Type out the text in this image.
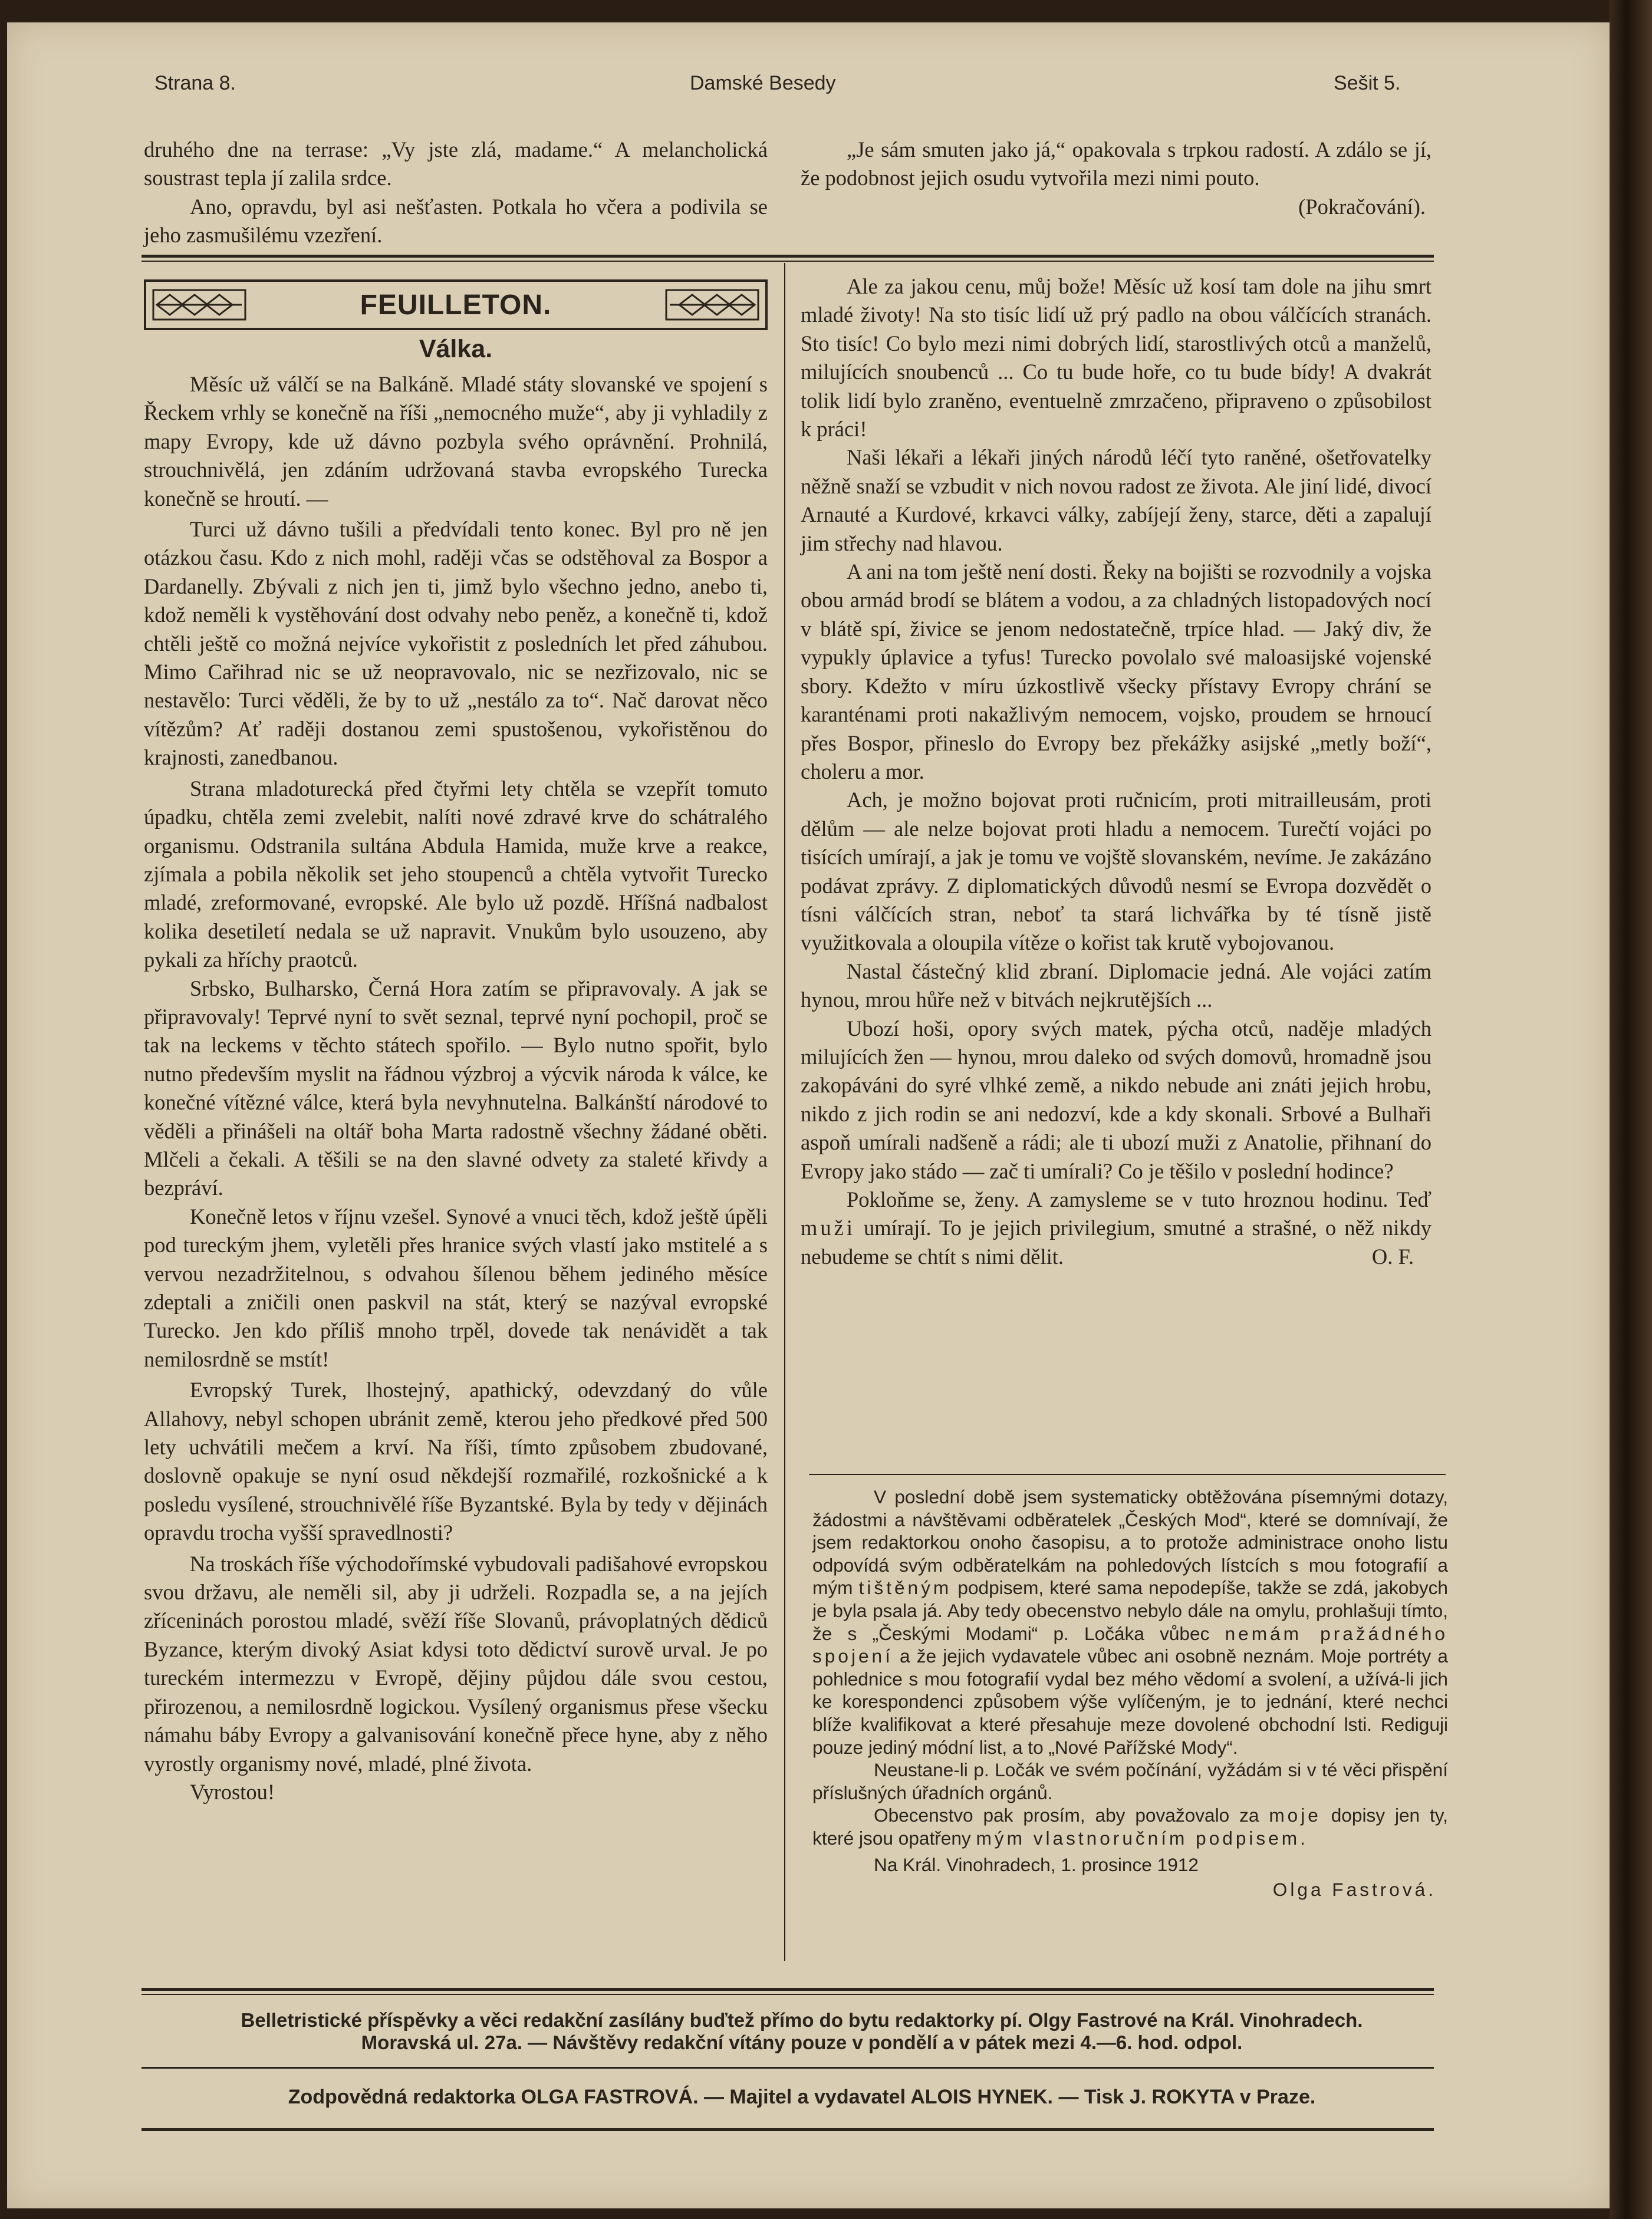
Strana 8.	Damské Besedy	Sešit 5.

druhého dne na terrase: „Vy jste zlá, madame.“ A melancholická soustrast tepla jí zalila srdce.

Ano, opravdu, byl asi nešťasten. Potkala ho včera a podivila se jeho zasmušilému vzezření.

„Je sám smuten jako já,“ opakovala s trpkou radostí. A zdálo se jí, že podobnost jejich osudu vytvořila mezi nimi pouto.

(Pokračování).
FEUILLETON.
Válka.

Měsíc už válčí se na Balkáně. Mladé státy slovanské ve spojení s Řeckem vrhly se konečně na říši „nemocného muže“, aby ji vyhladily z mapy Evropy, kde už dávno pozbyla svého oprávnění. Prohnilá, strouchnivělá, jen zdáním udržovaná stavba evropského Turecka konečně se hroutí. —

Turci už dávno tušili a předvídali tento konec. Byl pro ně jen otázkou času. Kdo z nich mohl, raději včas se odstěhoval za Bospor a Dardanelly. Zbývali z nich jen ti, jimž bylo všechno jedno, anebo ti, kdož neměli k vystěhování dost odvahy nebo peněz, a konečně ti, kdož chtěli ještě co možná nejvíce vykořistit z posledních let před záhubou. Mimo Cařihrad nic se už neopravovalo, nic se nezřizovalo, nic se nestavělo: Turci věděli, že by to už „nestálo za to“. Nač darovat něco vítězům? Ať raději dostanou zemi spustošenou, vykořistěnou do krajnosti, zanedbanou.

Strana mladoturecká před čtyřmi lety chtěla se vzepřít tomuto úpadku, chtěla zemi zvelebit, nalíti nové zdravé krve do schátralého organismu. Odstranila sultána Abdula Hamida, muže krve a reakce, zjímala a pobila několik set jeho stoupenců a chtěla vytvořit Turecko mladé, zreformované, evropské. Ale bylo už pozdě. Hříšná nadbalost kolika desetiletí nedala se už napravit. Vnukům bylo usouzeno, aby pykali za hříchy praotců.

Srbsko, Bulharsko, Černá Hora zatím se připravovaly. A jak se připravovaly! Teprvé nyní to svět seznal, teprvé nyní pochopil, proč se tak na leckems v těchto státech spořilo. — Bylo nutno spořit, bylo nutno především myslit na řádnou výzbroj a výcvik národa k válce, ke konečné vítězné válce, která byla nevyhnutelna. Balkánští národové to věděli a přinášeli na oltář boha Marta radostně všechny žádané oběti. Mlčeli a čekali. A těšili se na den slavné odvety za staleté křivdy a bezpráví.

Konečně letos v říjnu vzešel. Synové a vnuci těch, kdož ještě úpěli pod tureckým jhem, vyletěli přes hranice svých vlastí jako mstitelé a s vervou nezadržitelnou, s odvahou šílenou během jediného měsíce zdeptali a zničili onen paskvil na stát, který se nazýval evropské Turecko. Jen kdo příliš mnoho trpěl, dovede tak nenávidět a tak nemilosrdně se mstít!

Evropský Turek, lhostejný, apathický, odevzdaný do vůle Allahovy, nebyl schopen ubránit země, kterou jeho předkové před 500 lety uchvátili mečem a krví. Na říši, tímto způsobem zbudované, doslovně opakuje se nyní osud někdejší rozmařilé, rozkošnické a k posledu vysílené, strouchnivělé říše Byzantské. Byla by tedy v dějinách opravdu trocha vyšší spravedlnosti?

Na troskách říše východořímské vybudovali padišahové evropskou svou državu, ale neměli sil, aby ji udrželi. Rozpadla se, a na jejích zříceninách porostou mladé, svěží říše Slovanů, právoplatných dědiců Byzance, kterým divoký Asiat kdysi toto dědictví surově urval. Je po tureckém intermezzu v Evropě, dějiny půjdou dále svou cestou, přirozenou, a nemilosrdně logickou. Vysílený organismus přese všecku námahu báby Evropy a galvanisování konečně přece hyne, aby z něho vyrostly organismy nové, mladé, plné života.

Vyrostou!

Ale za jakou cenu, můj bože! Měsíc už kosí tam dole na jihu smrt mladé životy! Na sto tisíc lidí už prý padlo na obou válčících stranách. Sto tisíc! Co bylo mezi nimi dobrých lidí, starostlivých otců a manželů, milujících snoubenců ... Co tu bude hoře, co tu bude bídy! A dvakrát tolik lidí bylo zraněno, eventuelně zmrzačeno, připraveno o způsobilost k práci!

Naši lékaři a lékaři jiných národů léčí tyto raněné, ošetřovatelky něžně snaží se vzbudit v nich novou radost ze života. Ale jiní lidé, divocí Arnauté a Kurdové, krkavci války, zabíjejí ženy, starce, děti a zapalují jim střechy nad hlavou.

A ani na tom ještě není dosti. Řeky na bojišti se rozvodnily a vojska obou armád brodí se blátem a vodou, a za chladných listopadových nocí v blátě spí, živice se jenom nedostatečně, trpíce hlad. — Jaký div, že vypukly úplavice a tyfus! Turecko povolalo své maloasijské vojenské sbory. Kdežto v míru úzkostlivě všecky přístavy Evropy chrání se karanténami proti nakažlivým nemocem, vojsko, proudem se hrnoucí přes Bospor, přineslo do Evropy bez překážky asijské „metly boží“, choleru a mor.

Ach, je možno bojovat proti ručnicím, proti mitrailleusám, proti dělům — ale nelze bojovat proti hladu a nemocem. Turečtí vojáci po tisících umírají, a jak je tomu ve vojště slovanském, nevíme. Je zakázáno podávat zprávy. Z diplomatických důvodů nesmí se Evropa dozvědět o tísni válčících stran, neboť ta stará lichvářka by té tísně jistě využitkovala a oloupila vítěze o kořist tak krutě vybojovanou.

Nastal částečný klid zbraní. Diplomacie jedná. Ale vojáci zatím hynou, mrou hůře než v bitvách nejkrutějších ...

Ubozí hoši, opory svých matek, pýcha otců, naděje mladých milujících žen — hynou, mrou daleko od svých domovů, hromadně jsou zakopáváni do syré vlhké země, a nikdo nebude ani znáti jejich hrobu, nikdo z jich rodin se ani nedozví, kde a kdy skonali. Srbové a Bulhaři aspoň umírali nadšeně a rádi; ale ti ubozí muži z Anatolie, přihnaní do Evropy jako stádo — zač ti umírali? Co je těšilo v poslední hodince?

Pokloňme se, ženy. A zamysleme se v tuto hroznou hodinu. Teď muži umírají. To je jejich privilegium, smutné a strašné, o něž nikdy nebudeme se chtít s nimi dělit.	O. F.

V poslední době jsem systematicky obtěžována písemnými dotazy, žádostmi a návštěvami odběratelek „Českých Mod“, které se domnívají, že jsem redaktorkou onoho časopisu, a to protože administrace onoho listu odpovídá svým odběratelkám na pohledových lístcích s mou fotografií a mým tištěným podpisem, které sama nepodepíše, takže se zdá, jakobych je byla psala já. Aby tedy obecenstvo nebylo dále na omylu, prohlašuji tímto, že s „Českými Modami“ p. Ločáka vůbec nemám pražádného spojení a že jejich vydavatele vůbec ani osobně neznám. Moje portréty a pohlednice s mou fotografií vydal bez mého vědomí a svolení, a užívá-li jich ke korespondenci způsobem výše vylíčeným, je to jednání, které nechci blíže kvalifikovat a které přesahuje meze dovolené obchodní lsti. Rediguji pouze jediný módní list, a to „Nové Pařížské Mody“.

Neustane-li p. Ločák ve svém počínání, vyžádám si v té věci přispění příslušných úřadních orgánů.

Obecenstvo pak prosím, aby považovalo za moje dopisy jen ty, které jsou opatřeny mým vlastnoručním podpisem.

Na Král. Vinohradech, 1. prosince 1912

Olga Fastrová.
Belletristické příspěvky a věci redakční zasílány buďtež přímo do bytu redaktorky pí. Olgy Fastrové na Král. Vinohradech.
Moravská ul. 27a. — Návštěvy redakční vítány pouze v pondělí a v pátek mezi 4.—6. hod. odpol.
Zodpovědná redaktorka OLGA FASTROVÁ. — Majitel a vydavatel ALOIS HYNEK. — Tisk J. ROKYTA v Praze.
